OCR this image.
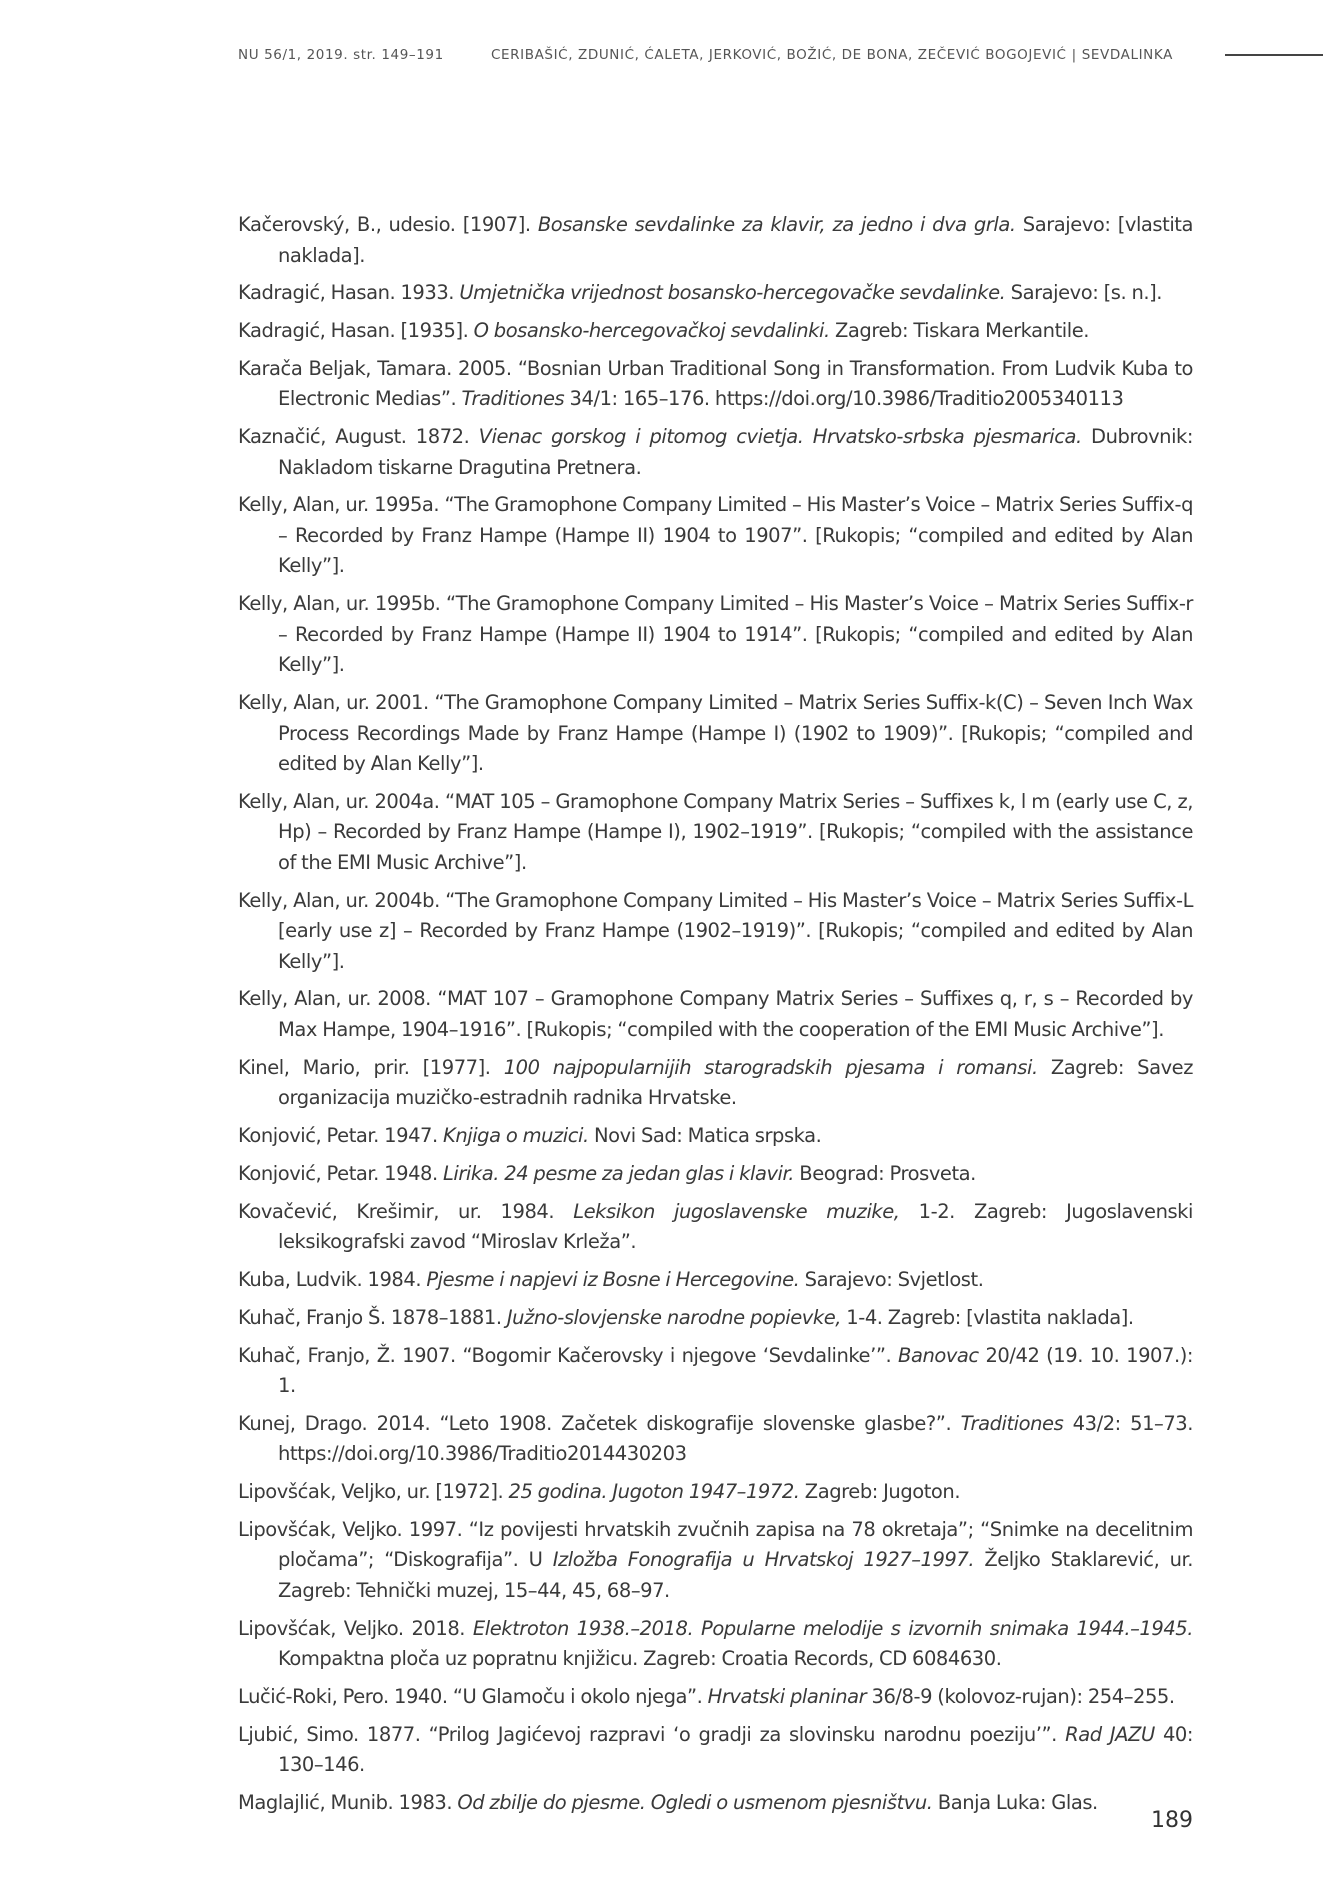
NU 56/1, 2019. str. 149–191	CERIBAŠIĆ, ZDUNIĆ, ĆALETA, JERKOVIĆ, BOŽIĆ, DE BONA, ZEČEVIĆ BOGOJEVIĆ | SEVDALINKA
Kačerovský, B., udesio. [1907]. Bosanske sevdalinke za klavir, za jedno i dva grla. Sarajevo: [vlastita naklada].
Kadragić, Hasan. 1933. Umjetnička vrijednost bosansko-hercegovačke sevdalinke. Sarajevo: [s. n.].
Kadragić, Hasan. [1935]. O bosansko-hercegovačkoj sevdalinki. Zagreb: Tiskara Merkantile.
Karača Beljak, Tamara. 2005. “Bosnian Urban Traditional Song in Transformation. From Ludvik Kuba to Electronic Medias”. Traditiones 34/1: 165–176. https://doi.org/10.3986/Traditio2005340113
Kaznačić, August. 1872. Vienac gorskog i pitomog cvietja. Hrvatsko-srbska pjesmarica. Dubrovnik: Nakladom tiskarne Dragutina Pretnera.
Kelly, Alan, ur. 1995a. “The Gramophone Company Limited – His Master’s Voice – Matrix Series Suffix-q – Recorded by Franz Hampe (Hampe II) 1904 to 1907”. [Rukopis; “compiled and edited by Alan Kelly”].
Kelly, Alan, ur. 1995b. “The Gramophone Company Limited – His Master’s Voice – Matrix Series Suffix-r – Recorded by Franz Hampe (Hampe II) 1904 to 1914”. [Rukopis; “compiled and edited by Alan Kelly”].
Kelly, Alan, ur. 2001. “The Gramophone Company Limited – Matrix Series Suffix-k(C) – Seven Inch Wax Process Recordings Made by Franz Hampe (Hampe I) (1902 to 1909)”. [Rukopis; “compiled and edited by Alan Kelly”].
Kelly, Alan, ur. 2004a. “MAT 105 – Gramophone Company Matrix Series – Suffixes k, l m (early use C, z, Hp) – Recorded by Franz Hampe (Hampe I), 1902–1919”. [Rukopis; “compiled with the assistance of the EMI Music Archive”].
Kelly, Alan, ur. 2004b. “The Gramophone Company Limited – His Master’s Voice – Matrix Series Suffix-L [early use z] – Recorded by Franz Hampe (1902–1919)”. [Rukopis; “compiled and edited by Alan Kelly”].
Kelly, Alan, ur. 2008. “MAT 107 – Gramophone Company Matrix Series – Suffixes q, r, s – Recorded by Max Hampe, 1904–1916”. [Rukopis; “compiled with the cooperation of the EMI Music Archive”].
Kinel, Mario, prir. [1977]. 100 najpopularnijih starogradskih pjesama i romansi. Zagreb: Savez organizacija muzičko-estradnih radnika Hrvatske.
Konjović, Petar. 1947. Knjiga o muzici. Novi Sad: Matica srpska.
Konjović, Petar. 1948. Lirika. 24 pesme za jedan glas i klavir. Beograd: Prosveta.
Kovačević, Krešimir, ur. 1984. Leksikon jugoslavenske muzike, 1-2. Zagreb: Jugoslavenski leksikografski zavod “Miroslav Krleža”.
Kuba, Ludvik. 1984. Pjesme i napjevi iz Bosne i Hercegovine. Sarajevo: Svjetlost.
Kuhač, Franjo Š. 1878–1881. Južno-slovjenske narodne popievke, 1-4. Zagreb: [vlastita naklada].
Kuhač, Franjo, Ž. 1907. “Bogomir Kačerovsky i njegove ‘Sevdalinke’”. Banovac 20/42 (19. 10. 1907.): 1.
Kunej, Drago. 2014. “Leto 1908. Začetek diskografije slovenske glasbe?”. Traditiones 43/2: 51–73. https://doi.org/10.3986/Traditio2014430203
Lipovšćak, Veljko, ur. [1972]. 25 godina. Jugoton 1947–1972. Zagreb: Jugoton.
Lipovšćak, Veljko. 1997. “Iz povijesti hrvatskih zvučnih zapisa na 78 okretaja”; “Snimke na decelitnim pločama”; “Diskografija”. U Izložba Fonografija u Hrvatskoj 1927–1997. Željko Staklarević, ur. Zagreb: Tehnički muzej, 15–44, 45, 68–97.
Lipovšćak, Veljko. 2018. Elektroton 1938.–2018. Popularne melodije s izvornih snimaka 1944.–1945. Kompaktna ploča uz popratnu knjižicu. Zagreb: Croatia Records, CD 6084630.
Lučić-Roki, Pero. 1940. “U Glamoču i okolo njega”. Hrvatski planinar 36/8-9 (kolovoz-rujan): 254–255.
Ljubić, Simo. 1877. “Prilog Jagićevoj razpravi ‘o gradji za slovinsku narodnu poeziju’”. Rad JAZU 40: 130–146.
Maglajlić, Munib. 1983. Od zbilje do pjesme. Ogledi o usmenom pjesništvu. Banja Luka: Glas.
189
